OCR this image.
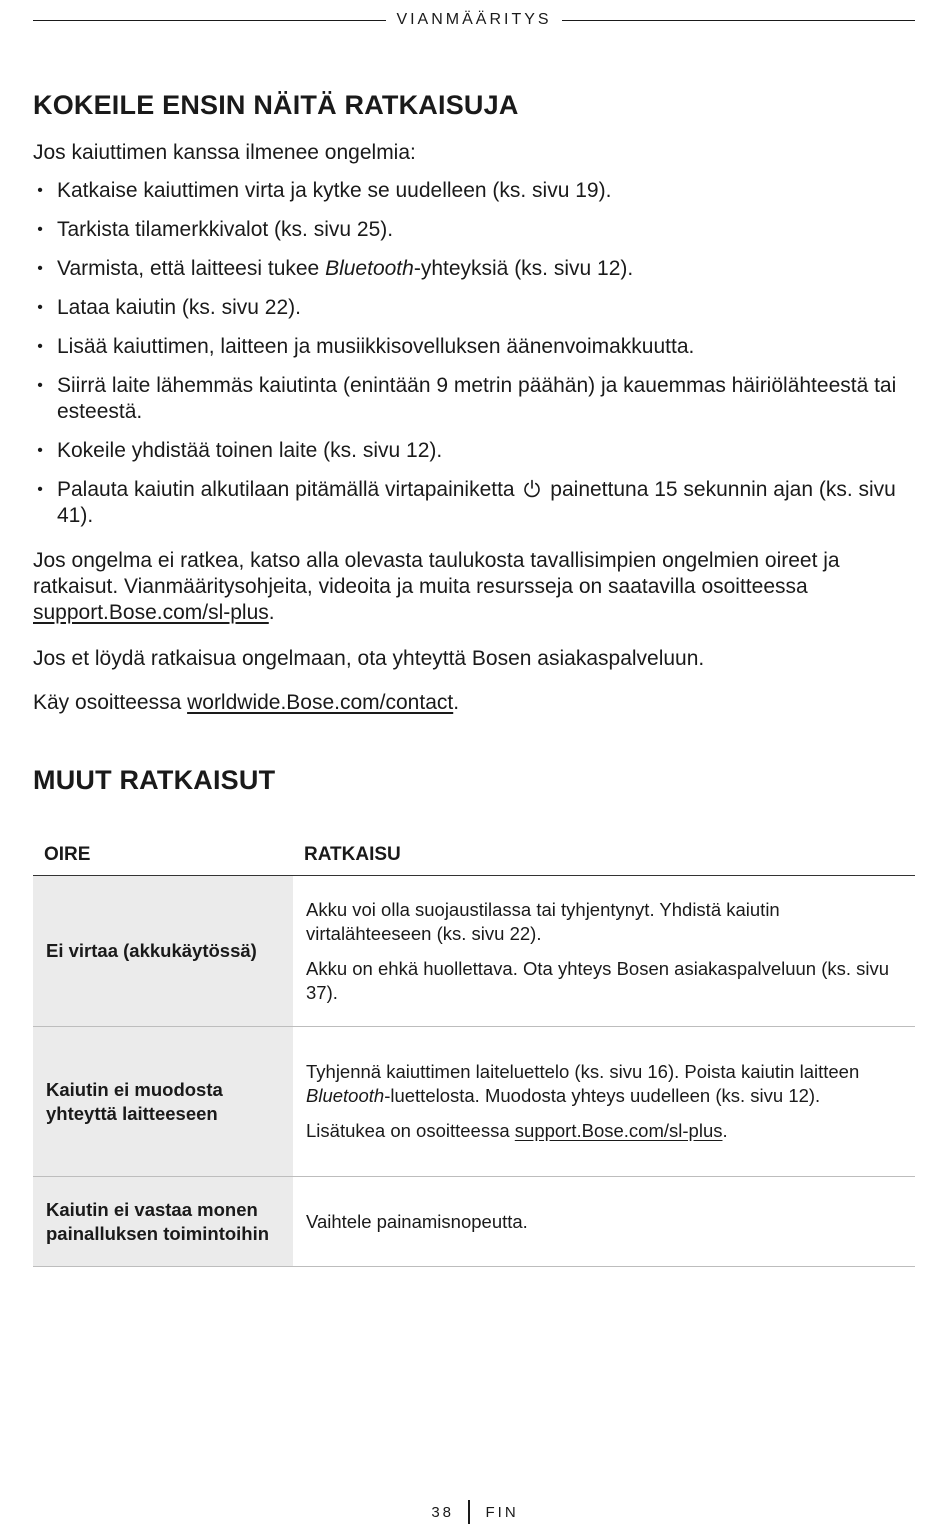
VIANMÄÄRITYS
KOKEILE ENSIN NÄITÄ RATKAISUJA

Jos kaiuttimen kanssa ilmenee ongelmia:

• Katkaise kaiuttimen virta ja kytke se uudelleen (ks. sivu 19).
• Tarkista tilamerkkivalot (ks. sivu 25).
• Varmista, että laitteesi tukee Bluetooth-yhteyksiä (ks. sivu 12).
• Lataa kaiutin (ks. sivu 22).
• Lisää kaiuttimen, laitteen ja musiikkisovelluksen äänenvoimakkuutta.
• Siirrä laite lähemmäs kaiutinta (enintään 9 metrin päähän) ja kauemmas häiriölähteestä tai esteestä.
• Kokeile yhdistää toinen laite (ks. sivu 12).
• Palauta kaiutin alkutilaan pitämällä virtapainiketta painettuna 15 sekunnin ajan (ks. sivu 41).

Jos ongelma ei ratkea, katso alla olevasta taulukosta tavallisimpien ongelmien oireet ja ratkaisut. Vianmääritysohjeita, videoita ja muita resursseja on saatavilla osoitteessa support.Bose.com/sl-plus.

Jos et löydä ratkaisua ongelmaan, ota yhteyttä Bosen asiakaspalveluun.

Käy osoitteessa worldwide.Bose.com/contact.

MUUT RATKAISUT
OIRE	RATKAISU
Ei virtaa (akkukäytössä)

Akku voi olla suojaustilassa tai tyhjentynyt. Yhdistä kaiutin virtalähteeseen (ks. sivu 22).

Akku on ehkä huollettava. Ota yhteys Bosen asiakaspalveluun (ks. sivu 37).

Kaiutin ei muodosta yhteyttä laitteeseen

Tyhjennä kaiuttimen laiteluettelo (ks. sivu 16). Poista kaiutin laitteen Bluetooth-luettelosta. Muodosta yhteys uudelleen (ks. sivu 12).

Lisätukea on osoitteessa support.Bose.com/sl-plus.

Kaiutin ei vastaa monen painalluksen toimintoihin

Vaihtele painamisnopeutta.

38 FIN
